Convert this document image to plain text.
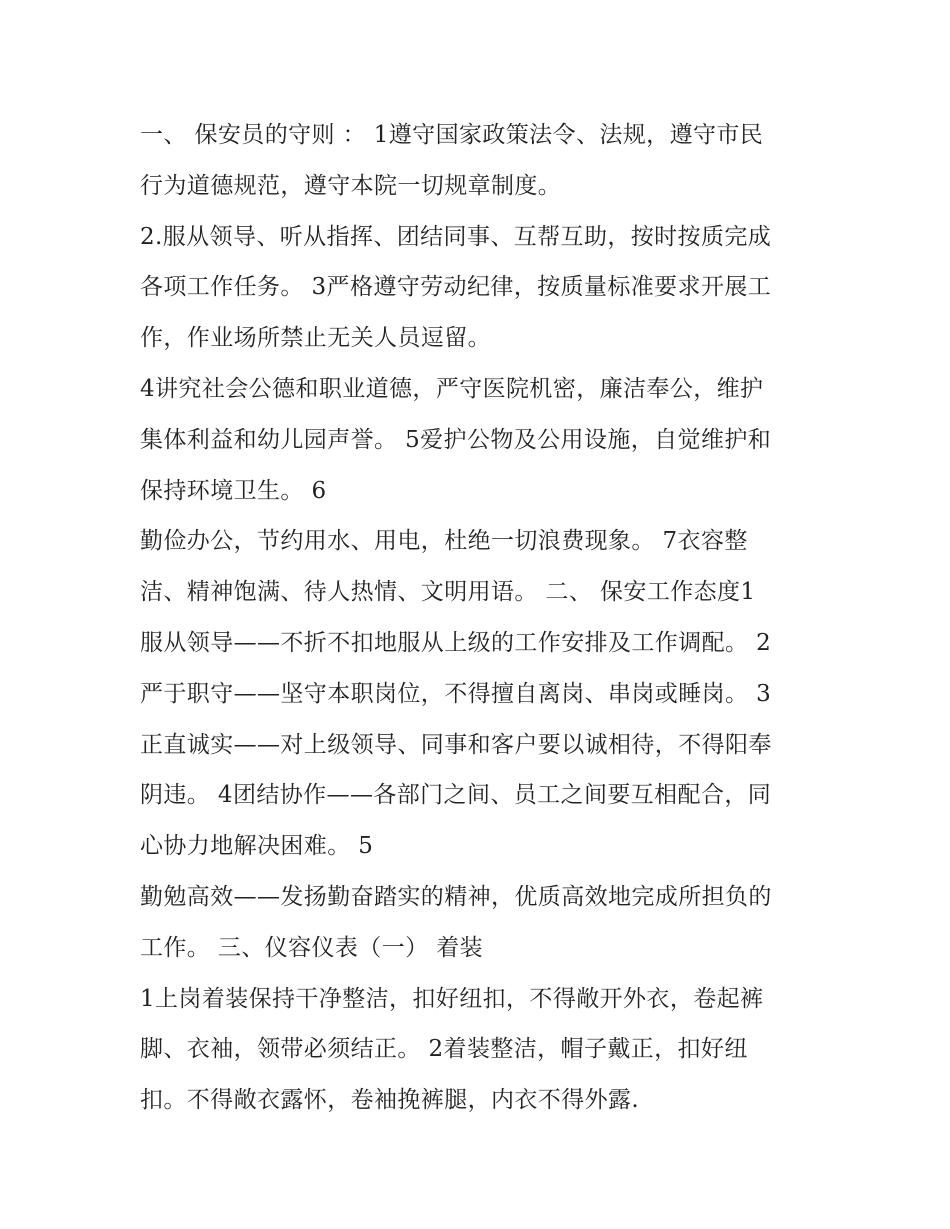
一、 保安员的守则 ： 1遵守国家政策法令、法规，遵守市民
行为道德规范，遵守本院一切规章制度。
2.服从领导、听从指挥、团结同事、互帮互助，按时按质完成
各项工作任务。 3严格遵守劳动纪律，按质量标准要求开展工
作，作业场所禁止无关人员逗留。
4讲究社会公德和职业道德，严守医院机密，廉洁奉公，维护
集体利益和幼儿园声誉。 5爱护公物及公用设施，自觉维护和
保持环境卫生。 6
勤俭办公，节约用水、用电，杜绝一切浪费现象。 7衣容整
洁、精神饱满、待人热情、文明用语。 二、 保安工作态度1
服从领导——不折不扣地服从上级的工作安排及工作调配。 2
严于职守——坚守本职岗位，不得擅自离岗、串岗或睡岗。 3
正直诚实——对上级领导、同事和客户要以诚相待，不得阳奉
阴违。 4团结协作——各部门之间、员工之间要互相配合，同
心协力地解决困难。 5
勤勉高效——发扬勤奋踏实的精神，优质高效地完成所担负的
工作。 三、仪容仪表（一） 着装
1上岗着装保持干净整洁，扣好纽扣，不得敞开外衣，卷起裤
脚、衣袖，领带必须结正。 2着装整洁，帽子戴正，扣好纽
扣。不得敞衣露怀，卷袖挽裤腿，内衣不得外露.
